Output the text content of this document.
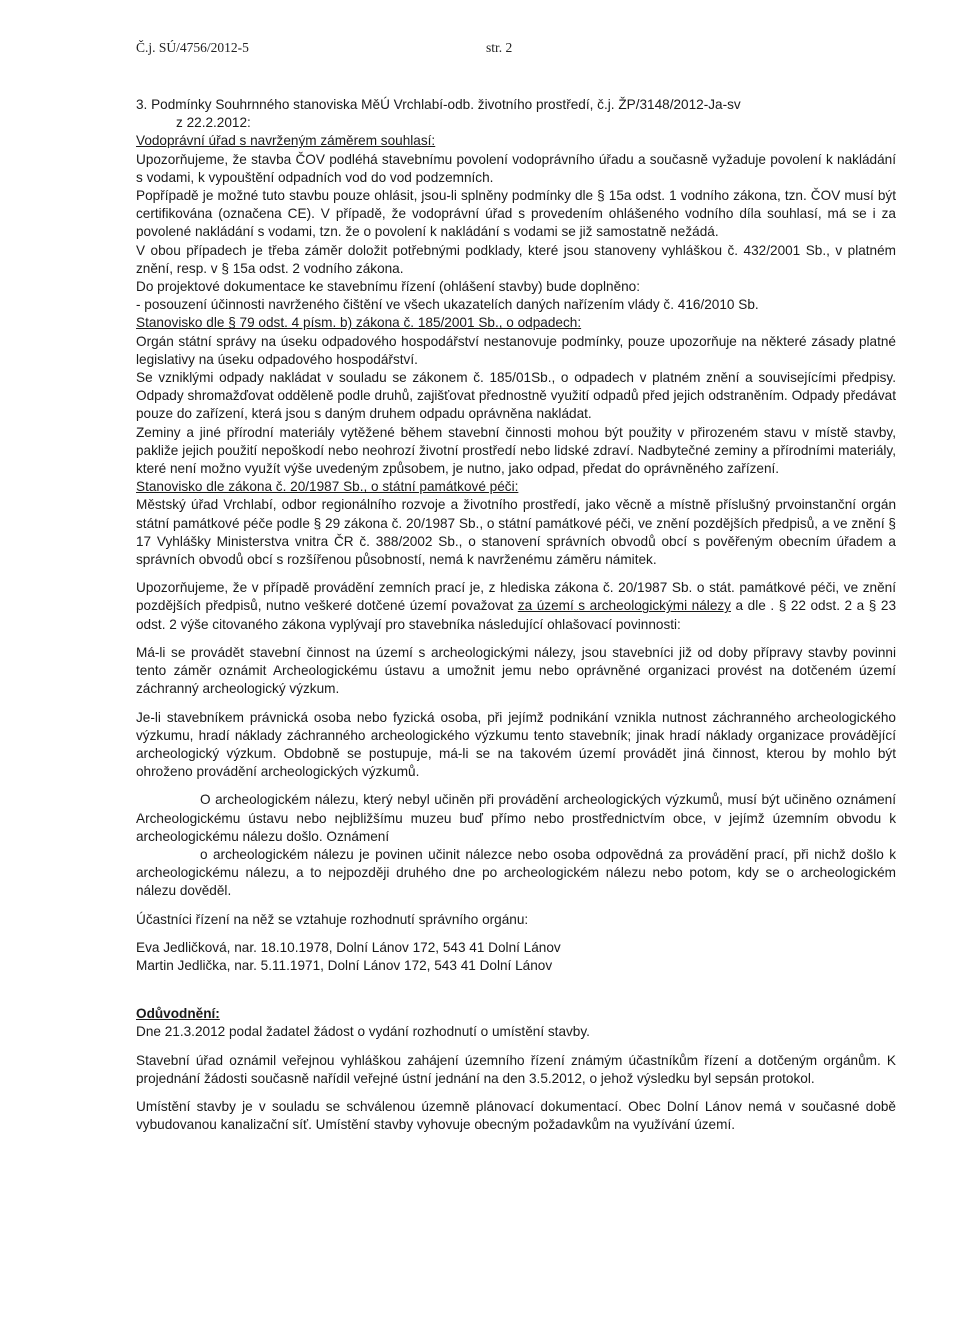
Č.j. SÚ/4756/2012-5	str. 2

3. Podmínky Souhrnného stanoviska MěÚ Vrchlabí-odb. životního prostředí, č.j. ŽP/3148/2012-Ja-sv

z 22.2.2012:

Vodoprávní úřad s navrženým záměrem souhlasí:

Upozorňujeme, že stavba ČOV podléhá stavebnímu povolení vodoprávního úřadu a současně vyžaduje povolení k nakládání s vodami, k vypouštění odpadních vod do vod podzemních.

Popřípadě je možné tuto stavbu pouze ohlásit, jsou-li splněny podmínky dle § 15a odst. 1 vodního zákona, tzn. ČOV musí být certifikována (označena CE). V případě, že vodoprávní úřad s provedením ohlášeného vodního díla souhlasí, má se i za povolené nakládání s vodami, tzn. že o povolení k nakládání s vodami se již samostatně nežádá.

V obou případech je třeba záměr doložit potřebnými podklady, které jsou stanoveny vyhláškou č. 432/2001 Sb., v platném znění, resp. v § 15a odst. 2 vodního zákona.

Do projektové dokumentace ke stavebnímu řízení (ohlášení stavby) bude doplněno:

- posouzení účinnosti navrženého čištění ve všech ukazatelích daných nařízením vlády č. 416/2010 Sb.

Stanovisko dle § 79 odst. 4 písm. b) zákona č. 185/2001 Sb., o odpadech:

Orgán státní správy na úseku odpadového hospodářství nestanovuje podmínky, pouze upozorňuje na některé zásady platné legislativy na úseku odpadového hospodářství.

Se vzniklými odpady nakládat v souladu se zákonem č. 185/01Sb., o odpadech v platném znění a souvisejícími předpisy. Odpady shromažďovat odděleně podle druhů, zajišťovat přednostně využití odpadů před jejich odstraněním. Odpady předávat pouze do zařízení, která jsou s daným druhem odpadu oprávněna nakládat.

Zeminy a jiné přírodní materiály vytěžené během stavební činnosti mohou být použity v přirozeném stavu v místě stavby, pakliže jejich použití nepoškodí nebo neohrozí životní prostředí nebo lidské zdraví. Nadbytečné zeminy a přírodními materiály, které není možno využít výše uvedeným způsobem, je nutno, jako odpad, předat do oprávněného zařízení.

Stanovisko dle zákona č. 20/1987 Sb., o státní památkové péči:

Městský úřad Vrchlabí, odbor regionálního rozvoje a životního prostředí, jako věcně a místně příslušný prvoinstanční orgán státní památkové péče podle § 29 zákona č. 20/1987 Sb., o státní památkové péči, ve znění pozdějších předpisů, a ve znění § 17 Vyhlášky Ministerstva vnitra ČR č. 388/2002 Sb., o stanovení správních obvodů obcí s pověřeným obecním úřadem a správních obvodů obcí s rozšířenou působností, nemá k navrženému záměru námitek.

Upozorňujeme, že v případě provádění zemních prací je, z hlediska zákona č. 20/1987 Sb. o stát. památkové péči, ve znění pozdějších předpisů, nutno veškeré dotčené území považovat za území s archeologickými nálezy a dle . § 22 odst. 2 a § 23 odst. 2 výše citovaného zákona vyplývají pro stavebníka následující ohlašovací povinnosti:

Má-li se provádět stavební činnost na území s archeologickými nálezy, jsou stavebníci již od doby přípravy stavby povinni tento záměr oznámit Archeologickému ústavu a umožnit jemu nebo oprávněné organizaci provést na dotčeném území záchranný archeologický výzkum.

Je-li stavebníkem právnická osoba nebo fyzická osoba, při jejímž podnikání vznikla nutnost záchranného archeologického výzkumu, hradí náklady záchranného archeologického výzkumu tento stavebník; jinak hradí náklady organizace provádějící archeologický výzkum. Obdobně se postupuje, má-li se na takovém území provádět jiná činnost, kterou by mohlo být ohroženo provádění archeologických výzkumů.

O archeologickém nálezu, který nebyl učiněn při provádění archeologických výzkumů, musí být učiněno oznámení Archeologickému ústavu nebo nejbližšímu muzeu buď přímo nebo prostřednictvím obce, v jejímž územním obvodu k archeologickému nálezu došlo. Oznámení

o archeologickém nálezu je povinen učinit nálezce nebo osoba odpovědná za provádění prací, při nichž došlo k archeologickému nálezu, a to nejpozději druhého dne po archeologickém nálezu nebo potom, kdy se o archeologickém nálezu dověděl.

Účastníci řízení na něž se vztahuje rozhodnutí správního orgánu:

Eva Jedličková, nar. 18.10.1978, Dolní Lánov 172, 543 41 Dolní Lánov

Martin Jedlička, nar. 5.11.1971, Dolní Lánov 172, 543 41 Dolní Lánov

Odůvodnění:

Dne 21.3.2012 podal žadatel žádost o vydání rozhodnutí o umístění stavby.

Stavební úřad oznámil veřejnou vyhláškou zahájení územního řízení známým účastníkům řízení a dotčeným orgánům. K projednání žádosti současně nařídil veřejné ústní jednání na den 3.5.2012, o jehož výsledku byl sepsán protokol.

Umístění stavby je v souladu se schválenou územně plánovací dokumentací. Obec Dolní Lánov nemá v současné době vybudovanou kanalizační síť. Umístění stavby vyhovuje obecným požadavkům na využívání území.
